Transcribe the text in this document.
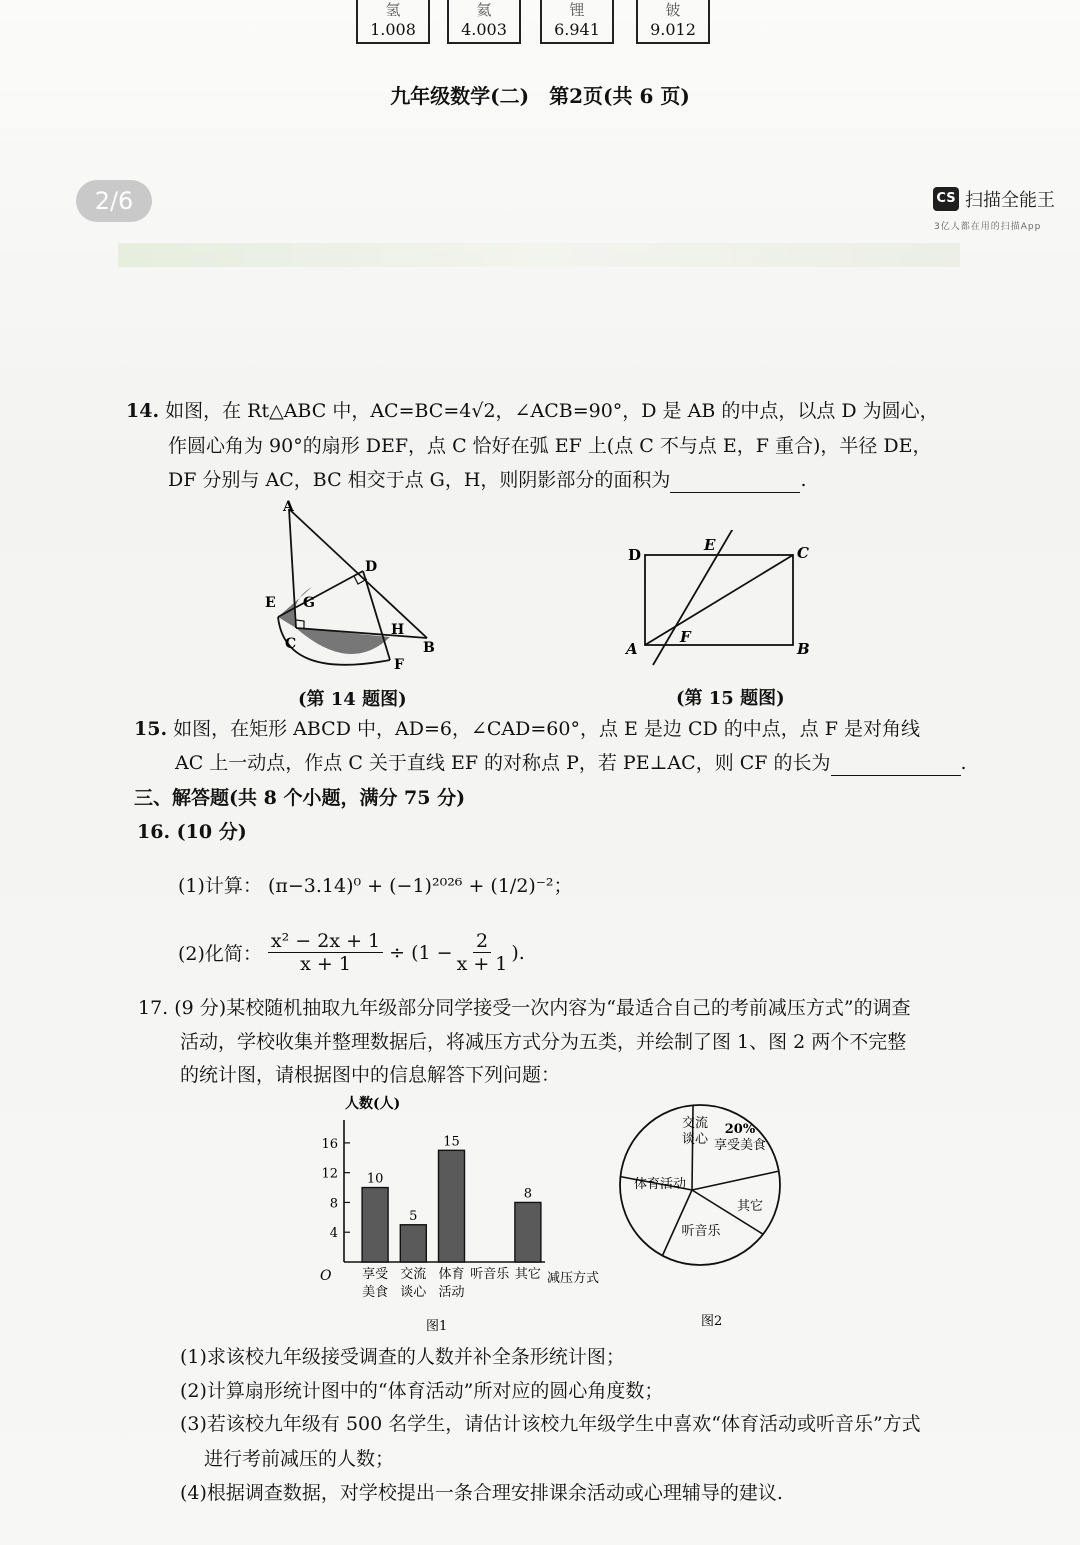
氢
1.008
氦
4.003
锂
6.941
铍
9.012
九年级数学(二)　第2页(共 6 页)
2/6	CS 扫描全能王
3亿人都在用的扫描App
14. 如图，在 Rt△ABC 中，AC=BC=4√2，∠ACB=90°，D 是 AB 的中点，以点 D 为圆心，
作圆心角为 90°的扇形 DEF，点 C 恰好在弧 EF 上(点 C 不与点 E，F 重合)，半径 DE，
DF 分别与 AC，BC 相交于点 G，H，则阴影部分的面积为	.
A
D
E G
C
H
B
F
(第 14 题图)
D
E	C
A
F
B
(第 15 题图)
15. 如图，在矩形 ABCD 中，AD=6，∠CAD=60°，点 E 是边 CD 的中点，点 F 是对角线
AC 上一动点，作点 C 关于直线 EF 的对称点 P，若 PE⊥AC，则 CF 的长为	.
三、解答题(共 8 个小题，满分 75 分)
16. (10 分)
(1)计算： (π−3.14)⁰ + (−1)²⁰²⁶ + (1/2)⁻²；
(2)化简： $\frac{\text{x² − 2x + 1}}{x + 1} \div (1 - \frac{2}{x + 1}$ ).
17. (9 分)某校随机抽取九年级部分同学接受一次内容为“最适合自己的考前减压方式”的调查
活动，学校收集并整理数据后，将减压方式分为五类，并绘制了图 1、图 2 两个不完整
的统计图，请根据图中的信息解答下列问题：
人数(人)
O	减压方式
图1
4
8
12
16
10
享受
美食
5
交流
谈心
15
体育
活动
听音乐
8
其它
图2
交流
谈心 享受美食
20%
其它
听音乐
体育活动
(1)求该校九年级接受调查的人数并补全条形统计图；
(2)计算扇形统计图中的“体育活动”所对应的圆心角度数；
(3)若该校九年级有 500 名学生，请估计该校九年级学生中喜欢“体育活动或听音乐”方式
进行考前减压的人数；
(4)根据调查数据，对学校提出一条合理安排课余活动或心理辅导的建议.
